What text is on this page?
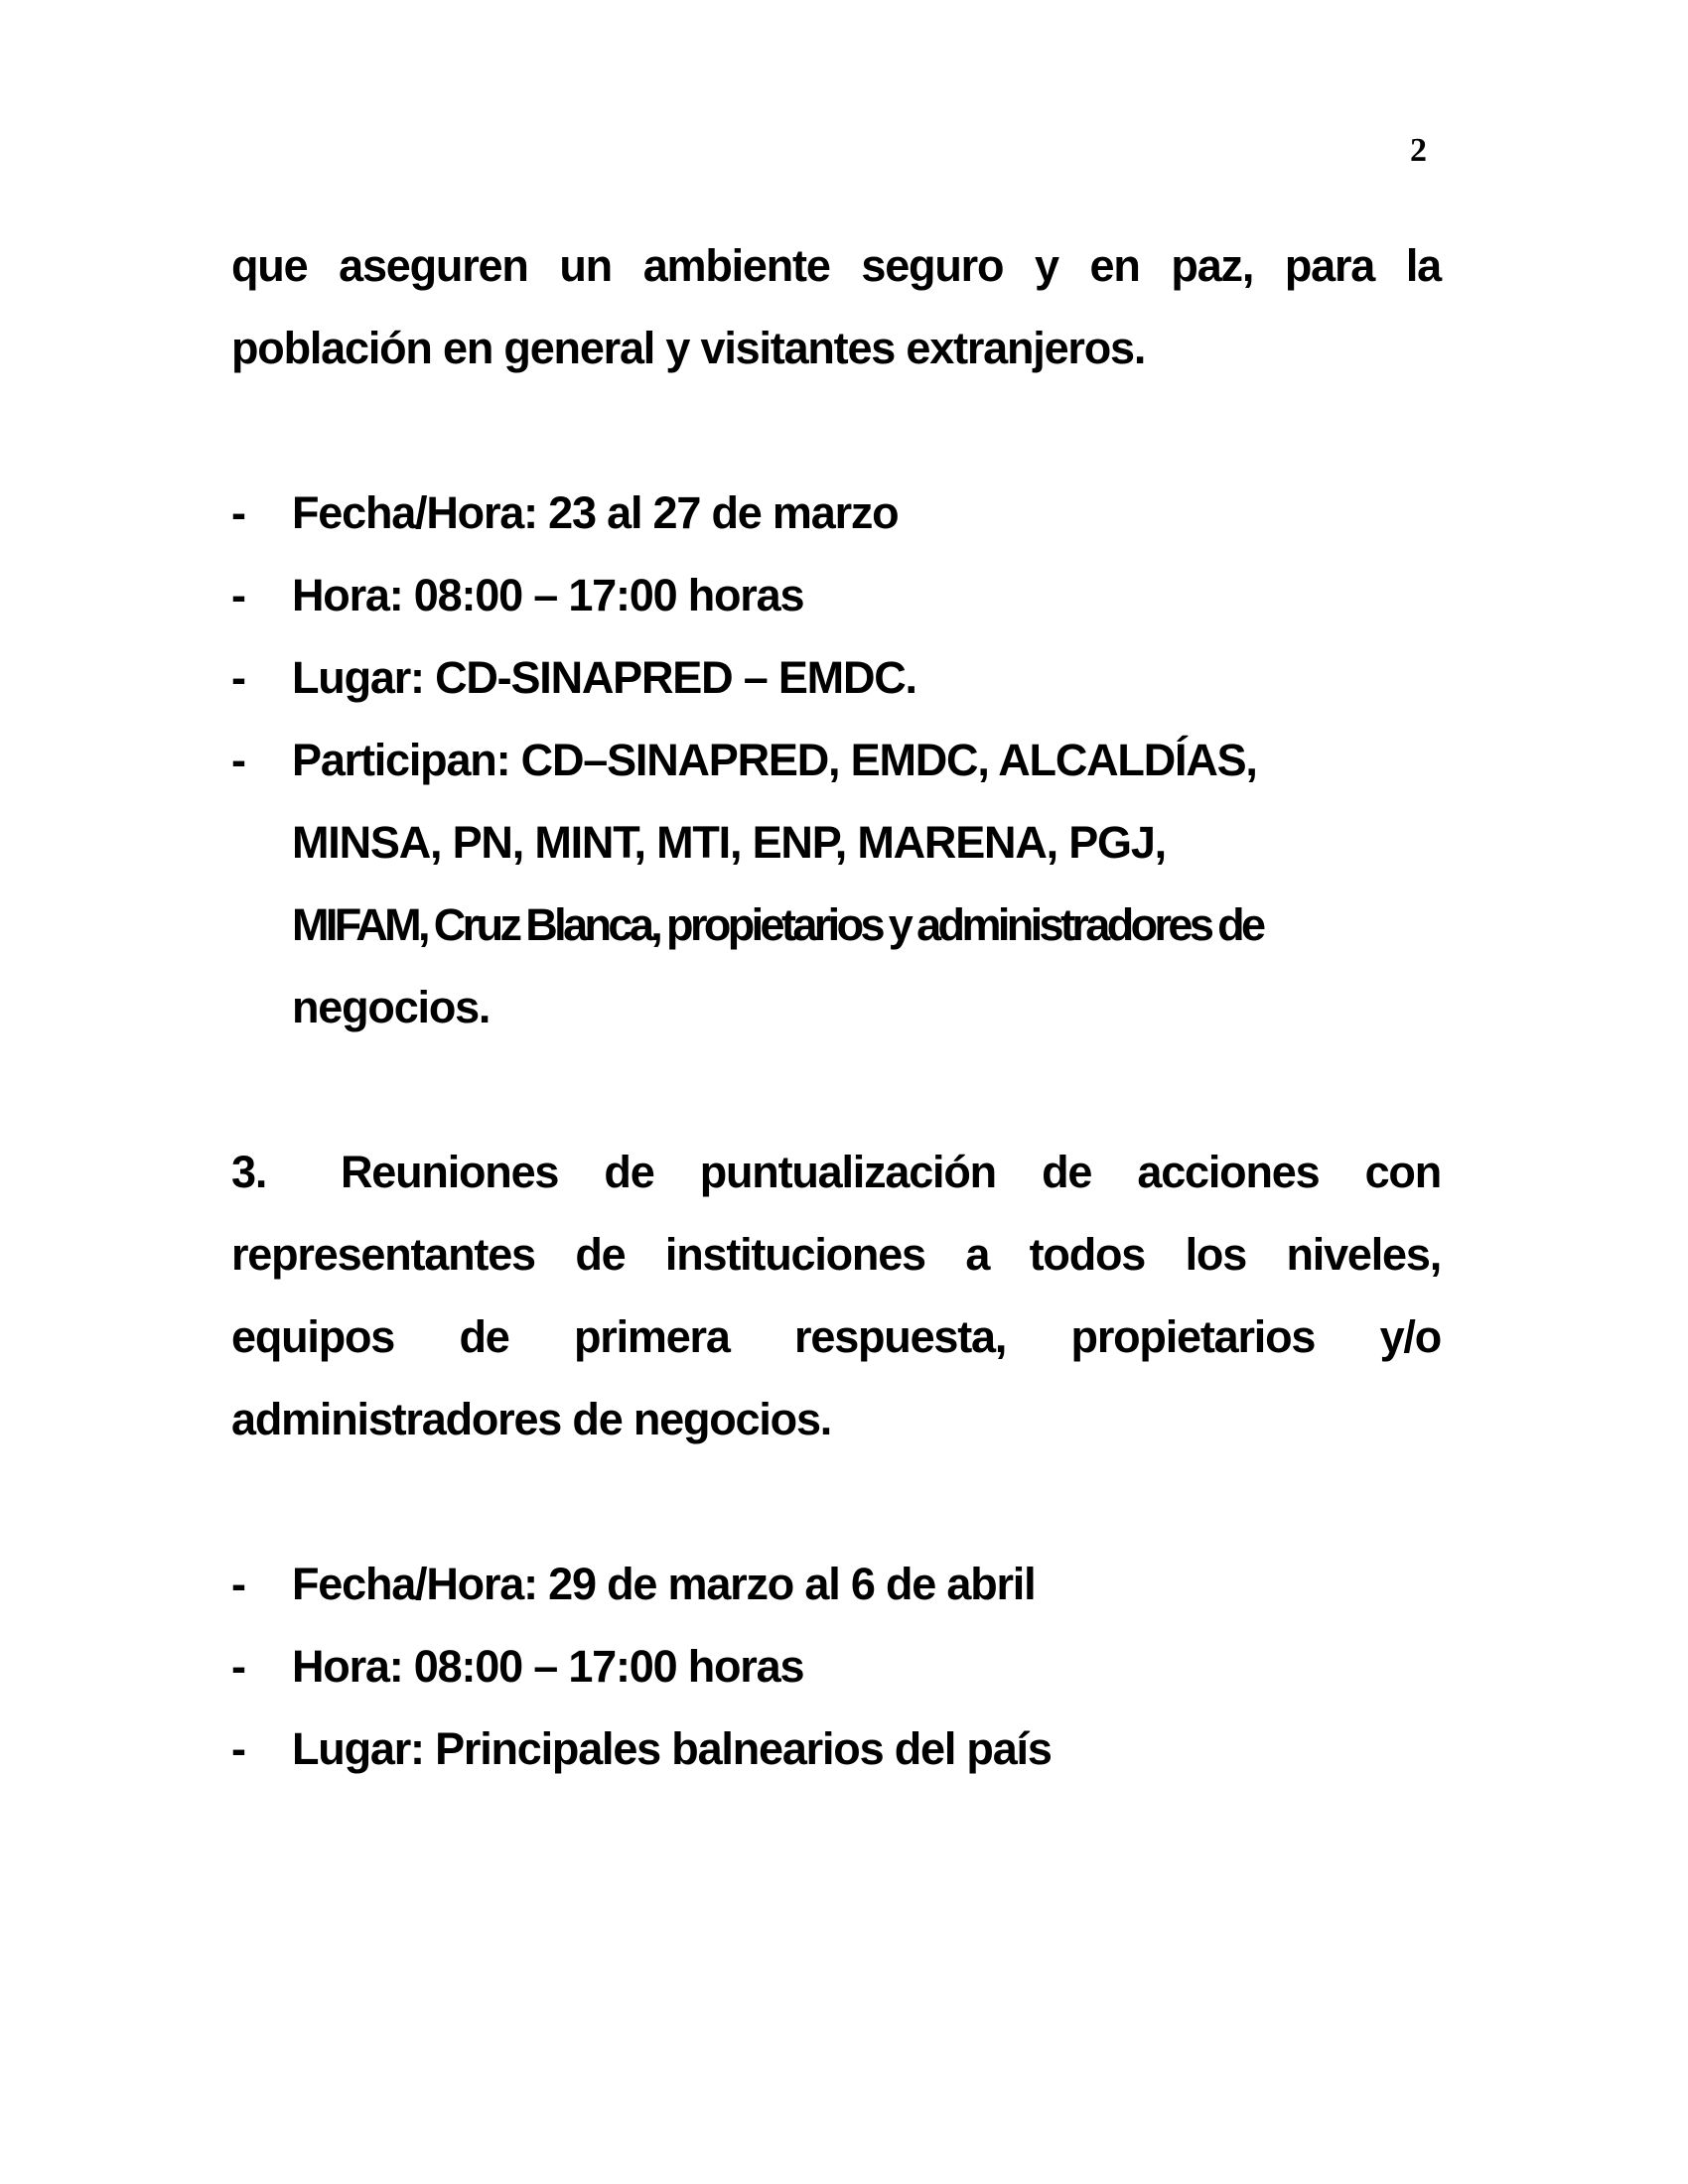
2

que aseguren un ambiente seguro y en paz, para la
población en general y visitantes extranjeros.

- Fecha/Hora: 23 al 27 de marzo
- Hora: 08:00 – 17:00 horas
- Lugar: CD-SINAPRED – EMDC.
- Participan: CD–SINAPRED, EMDC, ALCALDÍAS,
MINSA, PN, MINT, MTI, ENP, MARENA, PGJ,
MIFAM, Cruz Blanca, propietarios y administradores de
negocios.

3. Reuniones de puntualización de acciones con
representantes de instituciones a todos los niveles,
equipos de primera respuesta, propietarios y/o
administradores de negocios.

- Fecha/Hora: 29 de marzo al 6 de abril
- Hora: 08:00 – 17:00 horas
- Lugar: Principales balnearios del país
